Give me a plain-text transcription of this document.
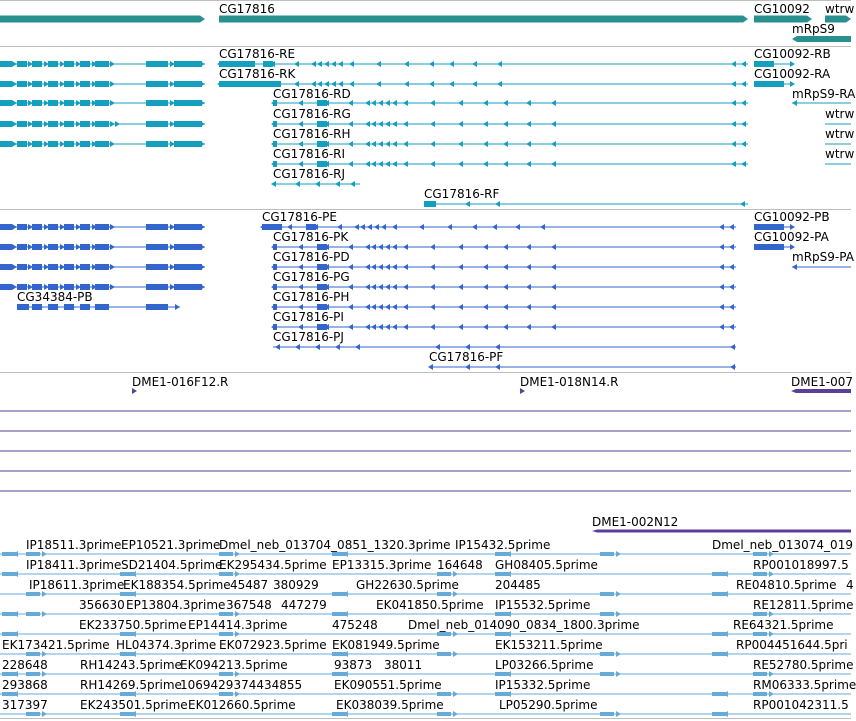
CG17816	CG10092 wtrw
mRpS9
CG17816-RE	CG10092-RB
CG17816-RK	CG10092-RA
CG17816-RD	mRpS9-RA
CG17816-RG	wtrw
CG17816-RH	wtrw
CG17816-RI	wtrw
CG17816-RJ
CG17816-RF
CG17816-PE	CG10092-PB
CG17816-PK	CG10092-PA
CG17816-PD	mRpS9-PA
CG17816-PG
CG34384-PB	CG17816-PH
CG17816-PI
CG17816-PJ
CG17816-PF
DME1-016F12.R	DME1-018N14.R	DME1-007
DME1-002N12
IP18511.3prime EP10521.3prime
Dmel_neb_013704_0851_1320.3prime IP15432.5prime	Dmel_neb_013074_019
IP18411.3prime SD21404.5prime
EK295434.5prime EP13315.3prime 164648 GH08405.5prime	RP001018997.5
IP18611.3prime
EK188354.5prime 45487 380929	GH22630.5prime	204485	RE04810.5prime 4
356630 EP13804.3prime 367548 447279	EK041850.5prime IP15532.5prime	RE12811.5prime
EK233750.5prime EP14414.3prime	475248	Dmel_neb_014090_0834_1800.3prime	RE64321.5prime
EK173421.5prime HL04374.3prime EK072923.5prime EK081949.5prime	EK153211.5prime	RP004451644.5pri
228648	RH14243.5prime
EK094213.5prime	93873 38011	LP03266.5prime	RE52780.5prime
293868	RH14269.5prime
1069429374434855	EK090551.5prime	IP15332.5prime	RM06333.5prime
317397	EK243501.5prime EK012660.5prime	EK038039.5prime	LP05290.5prime	RP001042311.5
